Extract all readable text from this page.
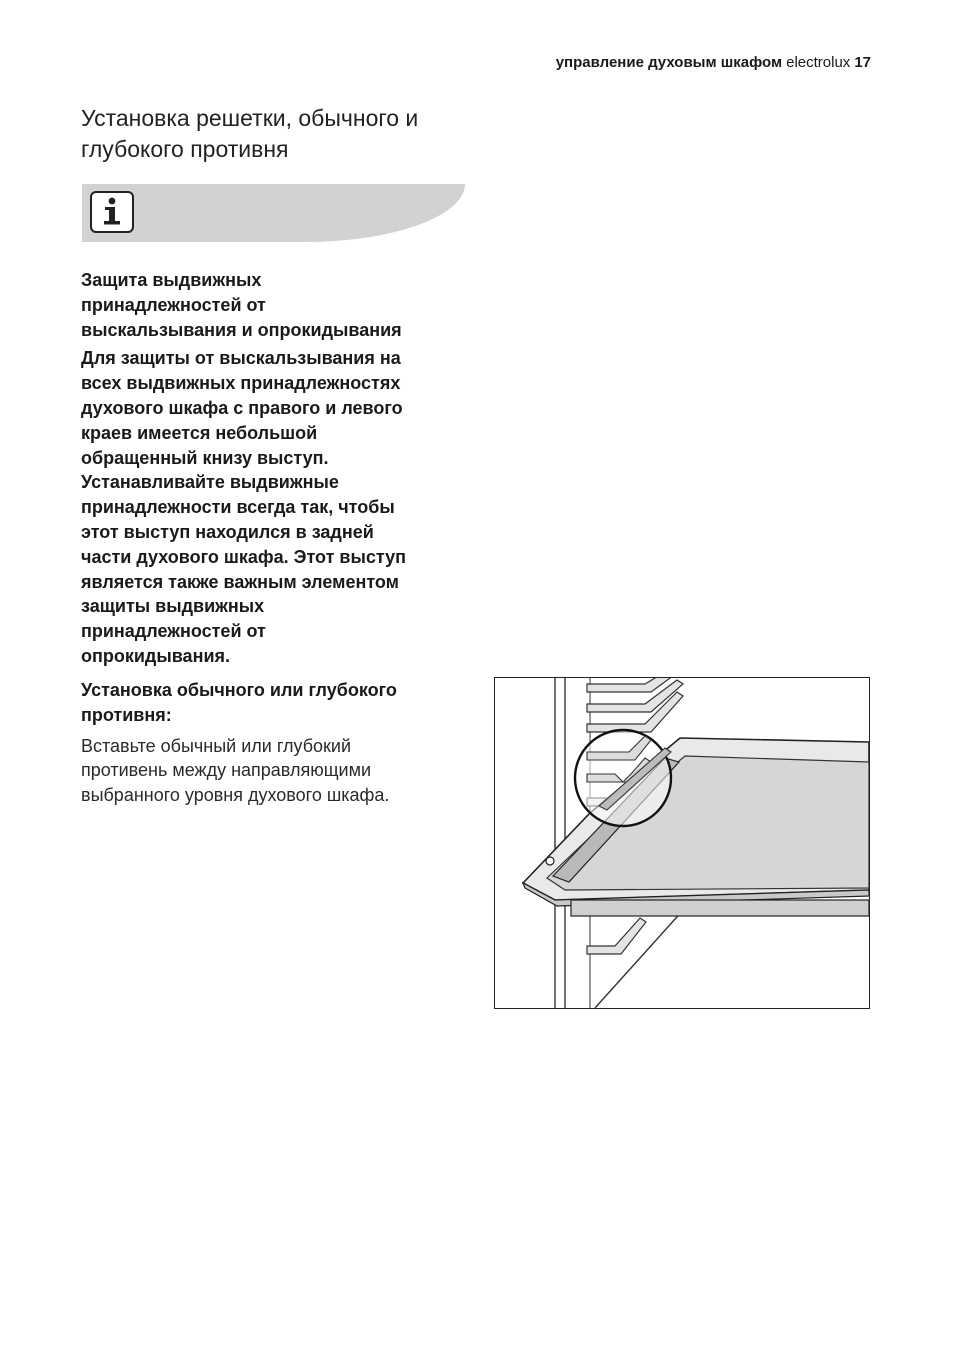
управление духовым шкафом electrolux 17
Установка решетки, обычного и
глубокого противня
Защита выдвижных
принадлежностей от
выскальзывания и опрокидывания
Для защиты от выскальзывания на
всех выдвижных принадлежностях
духового шкафа с правого и левого
краев имеется небольшой
обращенный книзу выступ.
Устанавливайте выдвижные
принадлежности всегда так, чтобы
этот выступ находился в задней
части духового шкафа. Этот выступ
является также важным элементом
защиты выдвижных
принадлежностей от
опрокидывания.
Установка обычного или глубокого
противня:
Вставьте обычный или глубокий
противень между направляющими
выбранного уровня духового шкафа.
